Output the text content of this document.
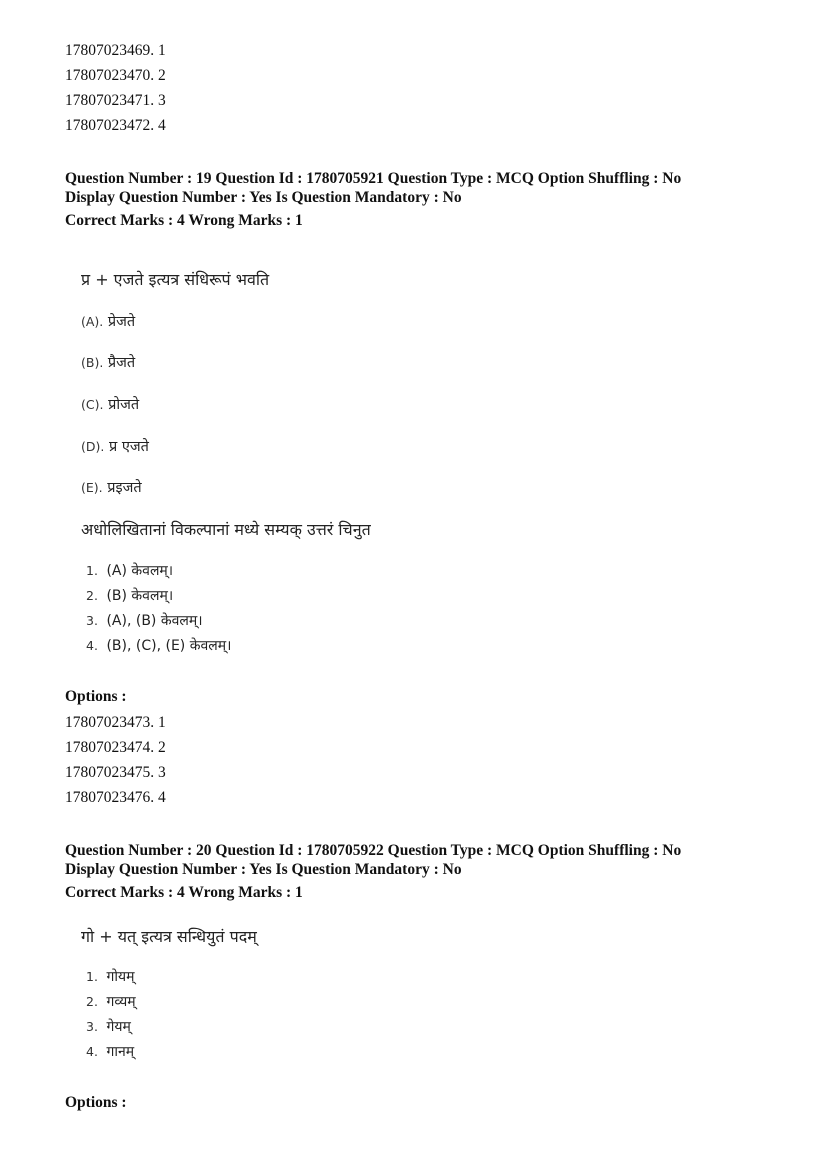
17807023469. 1
17807023470. 2
17807023471. 3
17807023472. 4
Question Number : 19 Question Id : 1780705921 Question Type : MCQ Option Shuffling : No
Display Question Number : Yes Is Question Mandatory : No
Correct Marks : 4 Wrong Marks : 1
प्र + एजते इत्यत्र संधिरूपं भवति
(A). प्रेजते
(B). प्रैजते
(C). प्रोजते
(D). प्र एजते
(E). प्रइजते
अधोलिखितानां विकल्पानां मध्ये सम्यक् उत्तरं चिनुत
1. (A) केवलम्।
2. (B) केवलम्।
3. (A), (B) केवलम्।
4. (B), (C), (E) केवलम्।
Options :
17807023473. 1
17807023474. 2
17807023475. 3
17807023476. 4
Question Number : 20 Question Id : 1780705922 Question Type : MCQ Option Shuffling : No
Display Question Number : Yes Is Question Mandatory : No
Correct Marks : 4 Wrong Marks : 1
गो + यत् इत्यत्र सन्धियुतं पदम्
1. गोयम्
2. गव्यम्
3. गेयम्
4. गानम्
Options :
